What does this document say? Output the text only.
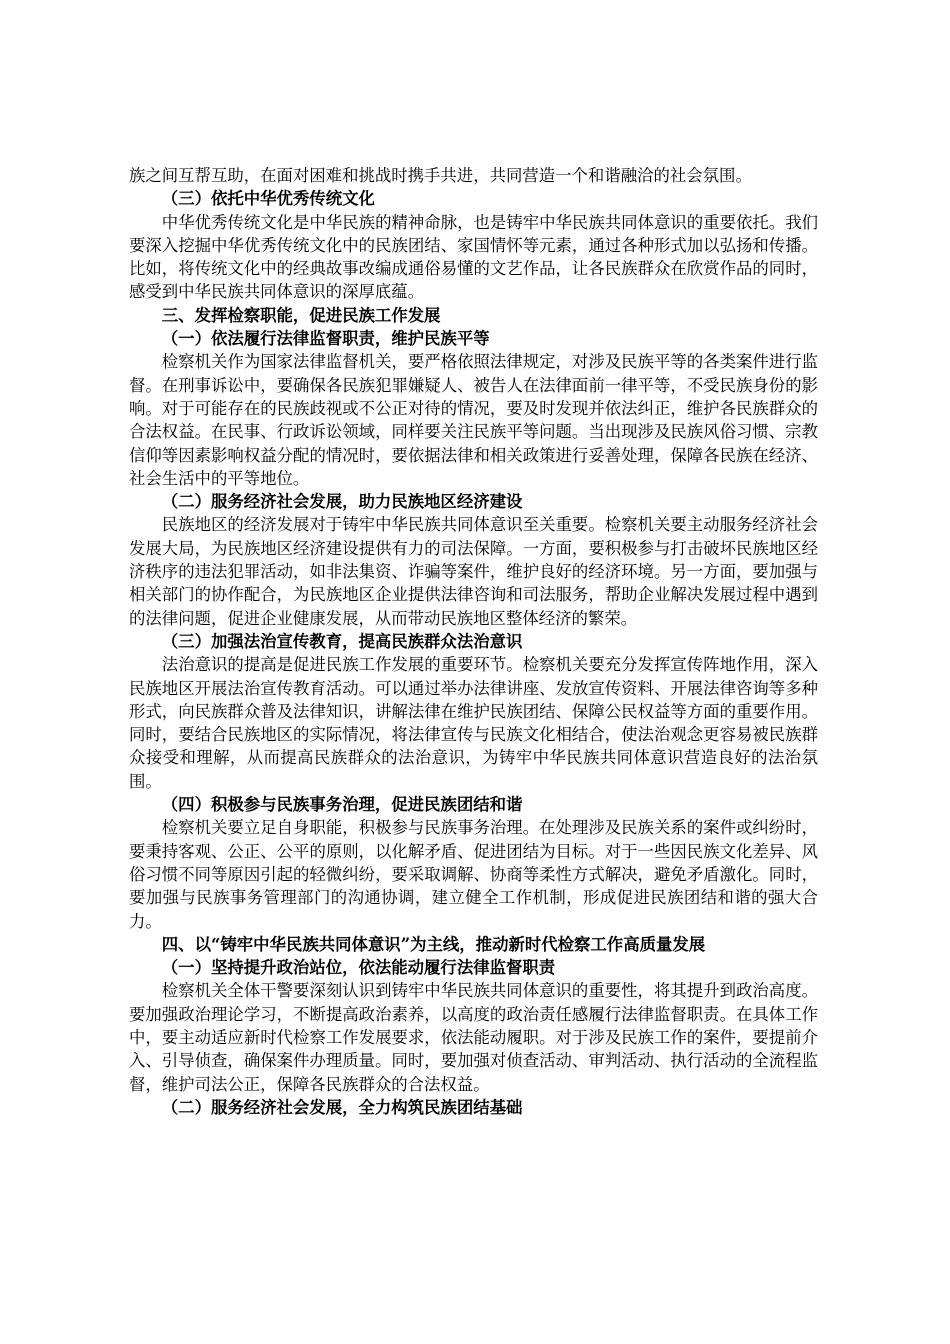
族之间互帮互助，在面对困难和挑战时携手共进，共同营造一个和谐融洽的社会氛围。

（三）依托中华优秀传统文化

中华优秀传统文化是中华民族的精神命脉，也是铸牢中华民族共同体意识的重要依托。我们要深入挖掘中华优秀传统文化中的民族团结、家国情怀等元素，通过各种形式加以弘扬和传播。比如，将传统文化中的经典故事改编成通俗易懂的文艺作品，让各民族群众在欣赏作品的同时，感受到中华民族共同体意识的深厚底蕴。

三、发挥检察职能，促进民族工作发展

（一）依法履行法律监督职责，维护民族平等

检察机关作为国家法律监督机关，要严格依照法律规定，对涉及民族平等的各类案件进行监督。在刑事诉讼中，要确保各民族犯罪嫌疑人、被告人在法律面前一律平等，不受民族身份的影响。对于可能存在的民族歧视或不公正对待的情况，要及时发现并依法纠正，维护各民族群众的合法权益。在民事、行政诉讼领域，同样要关注民族平等问题。当出现涉及民族风俗习惯、宗教信仰等因素影响权益分配的情况时，要依据法律和相关政策进行妥善处理，保障各民族在经济、社会生活中的平等地位。

（二）服务经济社会发展，助力民族地区经济建设

民族地区的经济发展对于铸牢中华民族共同体意识至关重要。检察机关要主动服务经济社会发展大局，为民族地区经济建设提供有力的司法保障。一方面，要积极参与打击破坏民族地区经济秩序的违法犯罪活动，如非法集资、诈骗等案件，维护良好的经济环境。另一方面，要加强与相关部门的协作配合，为民族地区企业提供法律咨询和司法服务，帮助企业解决发展过程中遇到的法律问题，促进企业健康发展，从而带动民族地区整体经济的繁荣。

（三）加强法治宣传教育，提高民族群众法治意识

法治意识的提高是促进民族工作发展的重要环节。检察机关要充分发挥宣传阵地作用，深入民族地区开展法治宣传教育活动。可以通过举办法律讲座、发放宣传资料、开展法律咨询等多种形式，向民族群众普及法律知识，讲解法律在维护民族团结、保障公民权益等方面的重要作用。同时，要结合民族地区的实际情况，将法律宣传与民族文化相结合，使法治观念更容易被民族群众接受和理解，从而提高民族群众的法治意识，为铸牢中华民族共同体意识营造良好的法治氛围。

（四）积极参与民族事务治理，促进民族团结和谐

检察机关要立足自身职能，积极参与民族事务治理。在处理涉及民族关系的案件或纠纷时，要秉持客观、公正、公平的原则，以化解矛盾、促进团结为目标。对于一些因民族文化差异、风俗习惯不同等原因引起的轻微纠纷，要采取调解、协商等柔性方式解决，避免矛盾激化。同时，要加强与民族事务管理部门的沟通协调，建立健全工作机制，形成促进民族团结和谐的强大合力。

四、以“铸牢中华民族共同体意识”为主线，推动新时代检察工作高质量发展

（一）坚持提升政治站位，依法能动履行法律监督职责

检察机关全体干警要深刻认识到铸牢中华民族共同体意识的重要性，将其提升到政治高度。要加强政治理论学习，不断提高政治素养，以高度的政治责任感履行法律监督职责。在具体工作中，要主动适应新时代检察工作发展要求，依法能动履职。对于涉及民族工作的案件，要提前介入、引导侦查，确保案件办理质量。同时，要加强对侦查活动、审判活动、执行活动的全流程监督，维护司法公正，保障各民族群众的合法权益。

（二）服务经济社会发展，全力构筑民族团结基础
